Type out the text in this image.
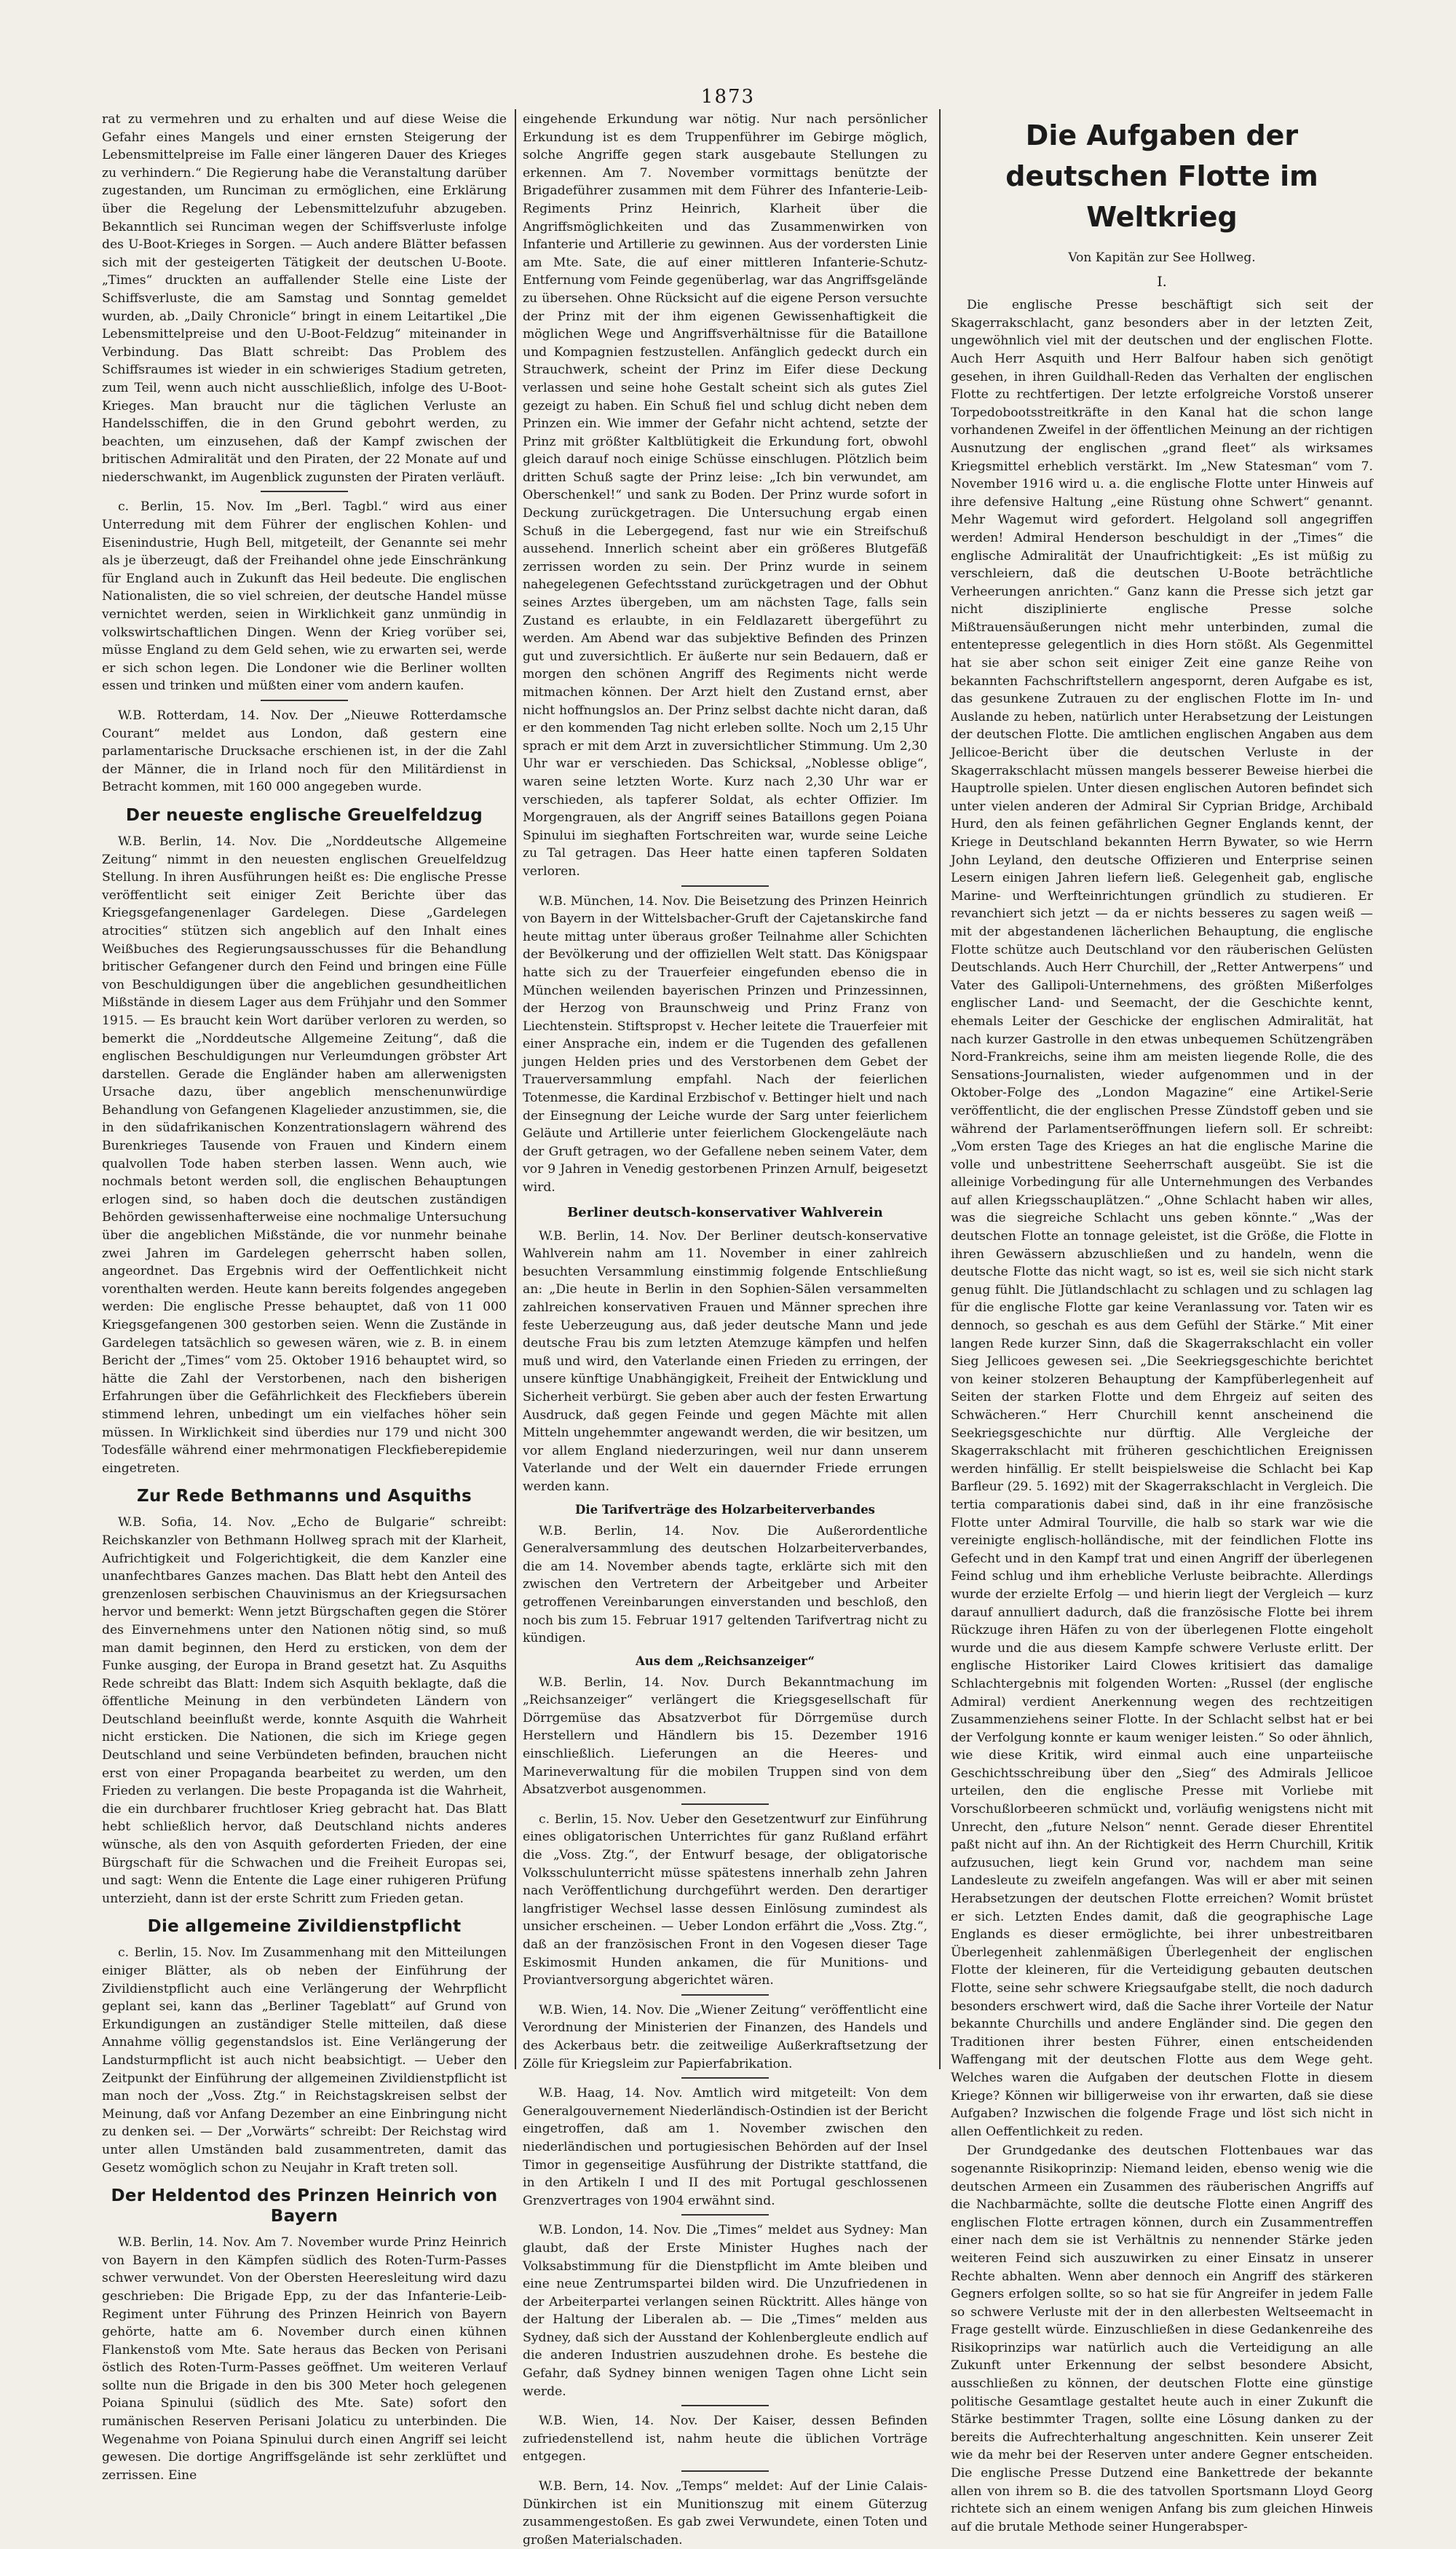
1873

rat zu vermehren und zu erhalten und auf diese Weise die Gefahr eines Mangels und einer ernsten Steigerung der Lebensmittelpreise im Falle einer längeren Dauer des Krieges zu verhindern.“ Die Regierung habe die Veranstaltung darüber zugestanden, um Runciman zu ermöglichen, eine Erklärung über die Regelung der Lebensmittelzufuhr abzugeben. Bekanntlich sei Runciman wegen der Schiffsverluste infolge des U-Boot-Krieges in Sorgen. — Auch andere Blätter befassen sich mit der gesteigerten Tätigkeit der deutschen U-Boote. „Times“ druckten an auffallender Stelle eine Liste der Schiffsverluste, die am Samstag und Sonntag gemeldet wurden, ab. „Daily Chronicle“ bringt in einem Leitartikel „Die Lebensmittelpreise und den U-Boot-Feldzug“ miteinander in Verbindung. Das Blatt schreibt: Das Problem des Schiffsraumes ist wieder in ein schwieriges Stadium getreten, zum Teil, wenn auch nicht ausschließlich, infolge des U-Boot-Krieges. Man braucht nur die täglichen Verluste an Handelsschiffen, die in den Grund gebohrt werden, zu beachten, um einzusehen, daß der Kampf zwischen der britischen Admiralität und den Piraten, der 22 Monate auf und niederschwankt, im Augenblick zugunsten der Piraten verläuft.

c. Berlin, 15. Nov. Im „Berl. Tagbl.“ wird aus einer Unterredung mit dem Führer der englischen Kohlen- und Eisenindustrie, Hugh Bell, mitgeteilt, der Genannte sei mehr als je überzeugt, daß der Freihandel ohne jede Einschränkung für England auch in Zukunft das Heil bedeute. Die englischen Nationalisten, die so viel schreien, der deutsche Handel müsse vernichtet werden, seien in Wirklichkeit ganz unmündig in volkswirtschaftlichen Dingen. Wenn der Krieg vorüber sei, müsse England zu dem Geld sehen, wie zu erwarten sei, werde er sich schon legen. Die Londoner wie die Berliner wollten essen und trinken und müßten einer vom andern kaufen.

W.B. Rotterdam, 14. Nov. Der „Nieuwe Rotterdamsche Courant“ meldet aus London, daß gestern eine parlamentarische Drucksache erschienen ist, in der die Zahl der Männer, die in Irland noch für den Militärdienst in Betracht kommen, mit 160 000 angegeben wurde.

Der neueste englische Greuelfeldzug

W.B. Berlin, 14. Nov. Die „Norddeutsche Allgemeine Zeitung“ nimmt in den neuesten englischen Greuelfeldzug Stellung. In ihren Ausführungen heißt es: Die englische Presse veröffentlicht seit einiger Zeit Berichte über das Kriegsgefangenenlager Gardelegen. Diese „Gardelegen atrocities“ stützen sich angeblich auf den Inhalt eines Weißbuches des Regierungsausschusses für die Behandlung britischer Gefangener durch den Feind und bringen eine Fülle von Beschuldigungen über die angeblichen gesundheitlichen Mißstände in diesem Lager aus dem Frühjahr und den Sommer 1915. — Es braucht kein Wort darüber verloren zu werden, so bemerkt die „Norddeutsche Allgemeine Zeitung“, daß die englischen Beschuldigungen nur Verleumdungen gröbster Art darstellen. Gerade die Engländer haben am allerwenigsten Ursache dazu, über angeblich menschenunwürdige Behandlung von Gefangenen Klagelieder anzustimmen, sie, die in den südafrikanischen Konzentrationslagern während des Burenkrieges Tausende von Frauen und Kindern einem qualvollen Tode haben sterben lassen. Wenn auch, wie nochmals betont werden soll, die englischen Behauptungen erlogen sind, so haben doch die deutschen zuständigen Behörden gewissenhafterweise eine nochmalige Untersuchung über die angeblichen Mißstände, die vor nunmehr beinahe zwei Jahren im Gardelegen geherrscht haben sollen, angeordnet. Das Ergebnis wird der Oeffentlichkeit nicht vorenthalten werden. Heute kann bereits folgendes angegeben werden: Die englische Presse behauptet, daß von 11 000 Kriegsgefangenen 300 gestorben seien. Wenn die Zustände in Gardelegen tatsächlich so gewesen wären, wie z. B. in einem Bericht der „Times“ vom 25. Oktober 1916 behauptet wird, so hätte die Zahl der Verstorbenen, nach den bisherigen Erfahrungen über die Gefährlichkeit des Fleckfiebers überein stimmend lehren, unbedingt um ein vielfaches höher sein müssen. In Wirklichkeit sind überdies nur 179 und nicht 300 Todesfälle während einer mehrmonatigen Fleckfieberepidemie eingetreten.

Zur Rede Bethmanns und Asquiths

W.B. Sofia, 14. Nov. „Echo de Bulgarie“ schreibt: Reichskanzler von Bethmann Hollweg sprach mit der Klarheit, Aufrichtigkeit und Folgerichtigkeit, die dem Kanzler eine unanfechtbares Ganzes machen. Das Blatt hebt den Anteil des grenzenlosen serbischen Chauvinismus an der Kriegsursachen hervor und bemerkt: Wenn jetzt Bürgschaften gegen die Störer des Einvernehmens unter den Nationen nötig sind, so muß man damit beginnen, den Herd zu ersticken, von dem der Funke ausging, der Europa in Brand gesetzt hat. Zu Asquiths Rede schreibt das Blatt: Indem sich Asquith beklagte, daß die öffentliche Meinung in den verbündeten Ländern von Deutschland beeinflußt werde, konnte Asquith die Wahrheit nicht ersticken. Die Nationen, die sich im Kriege gegen Deutschland und seine Verbündeten befinden, brauchen nicht erst von einer Propaganda bearbeitet zu werden, um den Frieden zu verlangen. Die beste Propaganda ist die Wahrheit, die ein durchbarer fruchtloser Krieg gebracht hat. Das Blatt hebt schließlich hervor, daß Deutschland nichts anderes wünsche, als den von Asquith geforderten Frieden, der eine Bürgschaft für die Schwachen und die Freiheit Europas sei, und sagt: Wenn die Entente die Lage einer ruhigeren Prüfung unterzieht, dann ist der erste Schritt zum Frieden getan.

Die allgemeine Zivildienstpflicht

c. Berlin, 15. Nov. Im Zusammenhang mit den Mitteilungen einiger Blätter, als ob neben der Einführung der Zivildienstpflicht auch eine Verlängerung der Wehrpflicht geplant sei, kann das „Berliner Tageblatt“ auf Grund von Erkundigungen an zuständiger Stelle mitteilen, daß diese Annahme völlig gegenstandslos ist. Eine Verlängerung der Landsturmpflicht ist auch nicht beabsichtigt. — Ueber den Zeitpunkt der Einführung der allgemeinen Zivildienstpflicht ist man noch der „Voss. Ztg.“ in Reichstagskreisen selbst der Meinung, daß vor Anfang Dezember an eine Einbringung nicht zu denken sei. — Der „Vorwärts“ schreibt: Der Reichstag wird unter allen Umständen bald zusammentreten, damit das Gesetz womöglich schon zu Neujahr in Kraft treten soll.

Der Heldentod des Prinzen Heinrich von Bayern

W.B. Berlin, 14. Nov. Am 7. November wurde Prinz Heinrich von Bayern in den Kämpfen südlich des Roten-Turm-Passes schwer verwundet. Von der Obersten Heeresleitung wird dazu geschrieben: Die Brigade Epp, zu der das Infanterie-Leib-Regiment unter Führung des Prinzen Heinrich von Bayern gehörte, hatte am 6. November durch einen kühnen Flankenstoß vom Mte. Sate heraus das Becken von Perisani östlich des Roten-Turm-Passes geöffnet. Um weiteren Verlauf sollte nun die Brigade in den bis 300 Meter hoch gelegenen Poiana Spinului (südlich des Mte. Sate) sofort den rumänischen Reserven Perisani Jolaticu zu unterbinden. Die Wegenahme von Poiana Spinului durch einen Angriff sei leicht gewesen. Die dortige Angriffsgelände ist sehr zerklüftet und zerrissen. Eine

eingehende Erkundung war nötig. Nur nach persönlicher Erkundung ist es dem Truppenführer im Gebirge möglich, solche Angriffe gegen stark ausgebaute Stellungen zu erkennen. Am 7. November vormittags benützte der Brigadeführer zusammen mit dem Führer des Infanterie-Leib-Regiments Prinz Heinrich, Klarheit über die Angriffsmöglichkeiten und das Zusammenwirken von Infanterie und Artillerie zu gewinnen. Aus der vordersten Linie am Mte. Sate, die auf einer mittleren Infanterie-Schutz-Entfernung vom Feinde gegenüberlag, war das Angriffsgelände zu übersehen. Ohne Rücksicht auf die eigene Person versuchte der Prinz mit der ihm eigenen Gewissenhaftigkeit die möglichen Wege und Angriffsverhältnisse für die Bataillone und Kompagnien festzustellen. Anfänglich gedeckt durch ein Strauchwerk, scheint der Prinz im Eifer diese Deckung verlassen und seine hohe Gestalt scheint sich als gutes Ziel gezeigt zu haben. Ein Schuß fiel und schlug dicht neben dem Prinzen ein. Wie immer der Gefahr nicht achtend, setzte der Prinz mit größter Kaltblütigkeit die Erkundung fort, obwohl gleich darauf noch einige Schüsse einschlugen. Plötzlich beim dritten Schuß sagte der Prinz leise: „Ich bin verwundet, am Oberschenkel!“ und sank zu Boden. Der Prinz wurde sofort in Deckung zurückgetragen. Die Untersuchung ergab einen Schuß in die Lebergegend, fast nur wie ein Streifschuß aussehend. Innerlich scheint aber ein größeres Blutgefäß zerrissen worden zu sein. Der Prinz wurde in seinem nahegelegenen Gefechtsstand zurückgetragen und der Obhut seines Arztes übergeben, um am nächsten Tage, falls sein Zustand es erlaubte, in ein Feldlazarett übergeführt zu werden. Am Abend war das subjektive Befinden des Prinzen gut und zuversichtlich. Er äußerte nur sein Bedauern, daß er morgen den schönen Angriff des Regiments nicht werde mitmachen können. Der Arzt hielt den Zustand ernst, aber nicht hoffnungslos an. Der Prinz selbst dachte nicht daran, daß er den kommenden Tag nicht erleben sollte. Noch um 2,15 Uhr sprach er mit dem Arzt in zuversichtlicher Stimmung. Um 2,30 Uhr war er verschieden. Das Schicksal, „Noblesse oblige“, waren seine letzten Worte. Kurz nach 2,30 Uhr war er verschieden, als tapferer Soldat, als echter Offizier. Im Morgengrauen, als der Angriff seines Bataillons gegen Poiana Spinului im sieghaften Fortschreiten war, wurde seine Leiche zu Tal getragen. Das Heer hatte einen tapferen Soldaten verloren.

W.B. München, 14. Nov. Die Beisetzung des Prinzen Heinrich von Bayern in der Wittelsbacher-Gruft der Cajetanskirche fand heute mittag unter überaus großer Teilnahme aller Schichten der Bevölkerung und der offiziellen Welt statt. Das Königspaar hatte sich zu der Trauerfeier eingefunden ebenso die in München weilenden bayerischen Prinzen und Prinzessinnen, der Herzog von Braunschweig und Prinz Franz von Liechtenstein. Stiftspropst v. Hecher leitete die Trauerfeier mit einer Ansprache ein, indem er die Tugenden des gefallenen jungen Helden pries und des Verstorbenen dem Gebet der Trauerversammlung empfahl. Nach der feierlichen Totenmesse, die Kardinal Erzbischof v. Bettinger hielt und nach der Einsegnung der Leiche wurde der Sarg unter feierlichem Geläute und Artillerie unter feierlichem Glockengeläute nach der Gruft getragen, wo der Gefallene neben seinem Vater, dem vor 9 Jahren in Venedig gestorbenen Prinzen Arnulf, beigesetzt wird.

Berliner deutsch-konservativer Wahlverein

W.B. Berlin, 14. Nov. Der Berliner deutsch-konservative Wahlverein nahm am 11. November in einer zahlreich besuchten Versammlung einstimmig folgende Entschließung an: „Die heute in Berlin in den Sophien-Sälen versammelten zahlreichen konservativen Frauen und Männer sprechen ihre feste Ueberzeugung aus, daß jeder deutsche Mann und jede deutsche Frau bis zum letzten Atemzuge kämpfen und helfen muß und wird, den Vaterlande einen Frieden zu erringen, der unsere künftige Unabhängigkeit, Freiheit der Entwicklung und Sicherheit verbürgt. Sie geben aber auch der festen Erwartung Ausdruck, daß gegen Feinde und gegen Mächte mit allen Mitteln ungehemmter angewandt werden, die wir besitzen, um vor allem England niederzuringen, weil nur dann unserem Vaterlande und der Welt ein dauernder Friede errungen werden kann.

Die Tarifverträge des Holzarbeiterverbandes

W.B. Berlin, 14. Nov. Die Außerordentliche Generalversammlung des deutschen Holzarbeiterverbandes, die am 14. November abends tagte, erklärte sich mit den zwischen den Vertretern der Arbeitgeber und Arbeiter getroffenen Vereinbarungen einverstanden und beschloß, den noch bis zum 15. Februar 1917 geltenden Tarifvertrag nicht zu kündigen.

Aus dem „Reichsanzeiger“

W.B. Berlin, 14. Nov. Durch Bekanntmachung im „Reichsanzeiger“ verlängert die Kriegsgesellschaft für Dörrgemüse das Absatzverbot für Dörrgemüse durch Herstellern und Händlern bis 15. Dezember 1916 einschließlich. Lieferungen an die Heeres- und Marineverwaltung für die mobilen Truppen sind von dem Absatzverbot ausgenommen.

c. Berlin, 15. Nov. Ueber den Gesetzentwurf zur Einführung eines obligatorischen Unterrichtes für ganz Rußland erfährt die „Voss. Ztg.“, der Entwurf besage, der obligatorische Volksschulunterricht müsse spätestens innerhalb zehn Jahren nach Veröffentlichung durchgeführt werden. Den derartiger langfristiger Wechsel lasse dessen Einlösung zumindest als unsicher erscheinen. — Ueber London erfährt die „Voss. Ztg.“, daß an der französischen Front in den Vogesen dieser Tage Eskimosmit Hunden ankamen, die für Munitions- und Proviantversorgung abgerichtet wären.

W.B. Wien, 14. Nov. Die „Wiener Zeitung“ veröffentlicht eine Verordnung der Ministerien der Finanzen, des Handels und des Ackerbaus betr. die zeitweilige Außerkraftsetzung der Zölle für Kriegsleim zur Papierfabrikation.

W.B. Haag, 14. Nov. Amtlich wird mitgeteilt: Von dem Generalgouvernement Niederländisch-Ostindien ist der Bericht eingetroffen, daß am 1. November zwischen den niederländischen und portugiesischen Behörden auf der Insel Timor in gegenseitige Ausführung der Distrikte stattfand, die in den Artikeln I und II des mit Portugal geschlossenen Grenzvertrages von 1904 erwähnt sind.

W.B. London, 14. Nov. Die „Times“ meldet aus Sydney: Man glaubt, daß der Erste Minister Hughes nach der Volksabstimmung für die Dienstpflicht im Amte bleiben und eine neue Zentrumspartei bilden wird. Die Unzufriedenen in der Arbeiterpartei verlangen seinen Rücktritt. Alles hänge von der Haltung der Liberalen ab. — Die „Times“ melden aus Sydney, daß sich der Ausstand der Kohlenbergleute endlich auf die anderen Industrien auszudehnen drohe. Es bestehe die Gefahr, daß Sydney binnen wenigen Tagen ohne Licht sein werde.

W.B. Wien, 14. Nov. Der Kaiser, dessen Befinden zufriedenstellend ist, nahm heute die üblichen Vorträge entgegen.

W.B. Bern, 14. Nov. „Temps“ meldet: Auf der Linie Calais-Dünkirchen ist ein Munitionszug mit einem Güterzug zusammengestoßen. Es gab zwei Verwundete, einen Toten und großen Materialschaden.

Die Aufgaben der deutschen Flotte im Weltkrieg
Von Kapitän zur See Hollweg.
I.

Die englische Presse beschäftigt sich seit der Skagerrakschlacht, ganz besonders aber in der letzten Zeit, ungewöhnlich viel mit der deutschen und der englischen Flotte. Auch Herr Asquith und Herr Balfour haben sich genötigt gesehen, in ihren Guildhall-Reden das Verhalten der englischen Flotte zu rechtfertigen. Der letzte erfolgreiche Vorstoß unserer Torpedobootsstreitkräfte in den Kanal hat die schon lange vorhandenen Zweifel in der öffentlichen Meinung an der richtigen Ausnutzung der englischen „grand fleet“ als wirksames Kriegsmittel erheblich verstärkt. Im „New Statesman“ vom 7. November 1916 wird u. a. die englische Flotte unter Hinweis auf ihre defensive Haltung „eine Rüstung ohne Schwert“ genannt. Mehr Wagemut wird gefordert. Helgoland soll angegriffen werden! Admiral Henderson beschuldigt in der „Times“ die englische Admiralität der Unaufrichtigkeit: „Es ist müßig zu verschleiern, daß die deutschen U-Boote beträchtliche Verheerungen anrichten.“ Ganz kann die Presse sich jetzt gar nicht disziplinierte englische Presse solche Mißtrauensäußerungen nicht mehr unterbinden, zumal die ententepresse gelegentlich in dies Horn stößt. Als Gegenmittel hat sie aber schon seit einiger Zeit eine ganze Reihe von bekannten Fachschriftstellern angespornt, deren Aufgabe es ist, das gesunkene Zutrauen zu der englischen Flotte im In- und Auslande zu heben, natürlich unter Herabsetzung der Leistungen der deutschen Flotte. Die amtlichen englischen Angaben aus dem Jellicoe-Bericht über die deutschen Verluste in der Skagerrakschlacht müssen mangels besserer Beweise hierbei die Hauptrolle spielen. Unter diesen englischen Autoren befindet sich unter vielen anderen der Admiral Sir Cyprian Bridge, Archibald Hurd, den als feinen gefährlichen Gegner Englands kennt, der Kriege in Deutschland bekannten Herrn Bywater, so wie Herrn John Leyland, den deutsche Offizieren und Enterprise seinen Lesern einigen Jahren liefern ließ. Gelegenheit gab, englische Marine- und Werfteinrichtungen gründlich zu studieren. Er revanchiert sich jetzt — da er nichts besseres zu sagen weiß — mit der abgestandenen lächerlichen Behauptung, die englische Flotte schütze auch Deutschland vor den räuberischen Gelüsten Deutschlands. Auch Herr Churchill, der „Retter Antwerpens“ und Vater des Gallipoli-Unternehmens, des größten Mißerfolges englischer Land- und Seemacht, der die Geschichte kennt, ehemals Leiter der Geschicke der englischen Admiralität, hat nach kurzer Gastrolle in den etwas unbequemen Schützengräben Nord-Frankreichs, seine ihm am meisten liegende Rolle, die des Sensations-Journalisten, wieder aufgenommen und in der Oktober-Folge des „London Magazine“ eine Artikel-Serie veröffentlicht, die der englischen Presse Zündstoff geben und sie während der Parlamentseröffnungen liefern soll. Er schreibt: „Vom ersten Tage des Krieges an hat die englische Marine die volle und unbestrittene Seeherrschaft ausgeübt. Sie ist die alleinige Vorbedingung für alle Unternehmungen des Verbandes auf allen Kriegsschauplätzen.“ „Ohne Schlacht haben wir alles, was die siegreiche Schlacht uns geben könnte.“ „Was der deutschen Flotte an tonnage geleistet, ist die Größe, die Flotte in ihren Gewässern abzuschließen und zu handeln, wenn die deutsche Flotte das nicht wagt, so ist es, weil sie sich nicht stark genug fühlt. Die Jütlandschlacht zu schlagen und zu schlagen lag für die englische Flotte gar keine Veranlassung vor. Taten wir es dennoch, so geschah es aus dem Gefühl der Stärke.“ Mit einer langen Rede kurzer Sinn, daß die Skagerrakschlacht ein voller Sieg Jellicoes gewesen sei. „Die Seekriegsgeschichte berichtet von keiner stolzeren Behauptung der Kampfüberlegenheit auf Seiten der starken Flotte und dem Ehrgeiz auf seiten des Schwächeren.“ Herr Churchill kennt anscheinend die Seekriegsgeschichte nur dürftig. Alle Vergleiche der Skagerrakschlacht mit früheren geschichtlichen Ereignissen werden hinfällig. Er stellt beispielsweise die Schlacht bei Kap Barfleur (29. 5. 1692) mit der Skagerrakschlacht in Vergleich. Die tertia comparationis dabei sind, daß in ihr eine französische Flotte unter Admiral Tourville, die halb so stark war wie die vereinigte englisch-holländische, mit der feindlichen Flotte ins Gefecht und in den Kampf trat und einen Angriff der überlegenen Feind schlug und ihm erhebliche Verluste beibrachte. Allerdings wurde der erzielte Erfolg — und hierin liegt der Vergleich — kurz darauf annulliert dadurch, daß die französische Flotte bei ihrem Rückzuge ihren Häfen zu von der überlegenen Flotte eingeholt wurde und die aus diesem Kampfe schwere Verluste erlitt. Der englische Historiker Laird Clowes kritisiert das damalige Schlachtergebnis mit folgenden Worten: „Russel (der englische Admiral) verdient Anerkennung wegen des rechtzeitigen Zusammenziehens seiner Flotte. In der Schlacht selbst hat er bei der Verfolgung konnte er kaum weniger leisten.“ So oder ähnlich, wie diese Kritik, wird einmal auch eine unparteiische Geschichtsschreibung über den „Sieg“ des Admirals Jellicoe urteilen, den die englische Presse mit Vorliebe mit Vorschußlorbeeren schmückt und, vorläufig wenigstens nicht mit Unrecht, den „future Nelson“ nennt. Gerade dieser Ehrentitel paßt nicht auf ihn. An der Richtigkeit des Herrn Churchill, Kritik aufzusuchen, liegt kein Grund vor, nachdem man seine Landesleute zu zweifeln angefangen. Was will er aber mit seinen Herabsetzungen der deutschen Flotte erreichen? Womit brüstet er sich. Letzten Endes damit, daß die geographische Lage Englands es dieser ermöglichte, bei ihrer unbestreitbaren Überlegenheit zahlenmäßigen Überlegenheit der englischen Flotte der kleineren, für die Verteidigung gebauten deutschen Flotte, seine sehr schwere Kriegsaufgabe stellt, die noch dadurch besonders erschwert wird, daß die Sache ihrer Vorteile der Natur bekannte Churchills und andere Engländer sind. Die gegen den Traditionen ihrer besten Führer, einen entscheidenden Waffengang mit der deutschen Flotte aus dem Wege geht. Welches waren die Aufgaben der deutschen Flotte in diesem Kriege? Können wir billigerweise von ihr erwarten, daß sie diese Aufgaben? Inzwischen die folgende Frage und löst sich nicht in allen Oeffentlichkeit zu reden.

Der Grundgedanke des deutschen Flottenbaues war das sogenannte Risikoprinzip: Niemand leiden, ebenso wenig wie die deutschen Armeen ein Zusammen des räuberischen Angriffs auf die Nachbarmächte, sollte die deutsche Flotte einen Angriff des englischen Flotte ertragen können, durch ein Zusammentreffen einer nach dem sie ist Verhältnis zu nennender Stärke jeden weiteren Feind sich auszuwirken zu einer Einsatz in unserer Rechte abhalten. Wenn aber dennoch ein Angriff des stärkeren Gegners erfolgen sollte, so so hat sie für Angreifer in jedem Falle so schwere Verluste mit der in den allerbesten Weltseemacht in Frage gestellt würde. Einzuschließen in diese Gedankenreihe des Risikoprinzips war natürlich auch die Verteidigung an alle Zukunft unter Erkennung der selbst besondere Absicht, ausschließen zu können, der deutschen Flotte eine günstige politische Gesamtlage gestaltet heute auch in einer Zukunft die Stärke bestimmter Tragen, sollte eine Lösung danken zu der bereits die Aufrechterhaltung angeschnitten. Kein unserer Zeit wie da mehr bei der Reserven unter andere Gegner entscheiden. Die englische Presse Dutzend eine Bankettrede der bekannte allen von ihrem so B. die des tatvollen Sportsmann Lloyd Georg richtete sich an einem wenigen Anfang bis zum gleichen Hinweis auf die brutale Methode seiner Hungerabsper-
